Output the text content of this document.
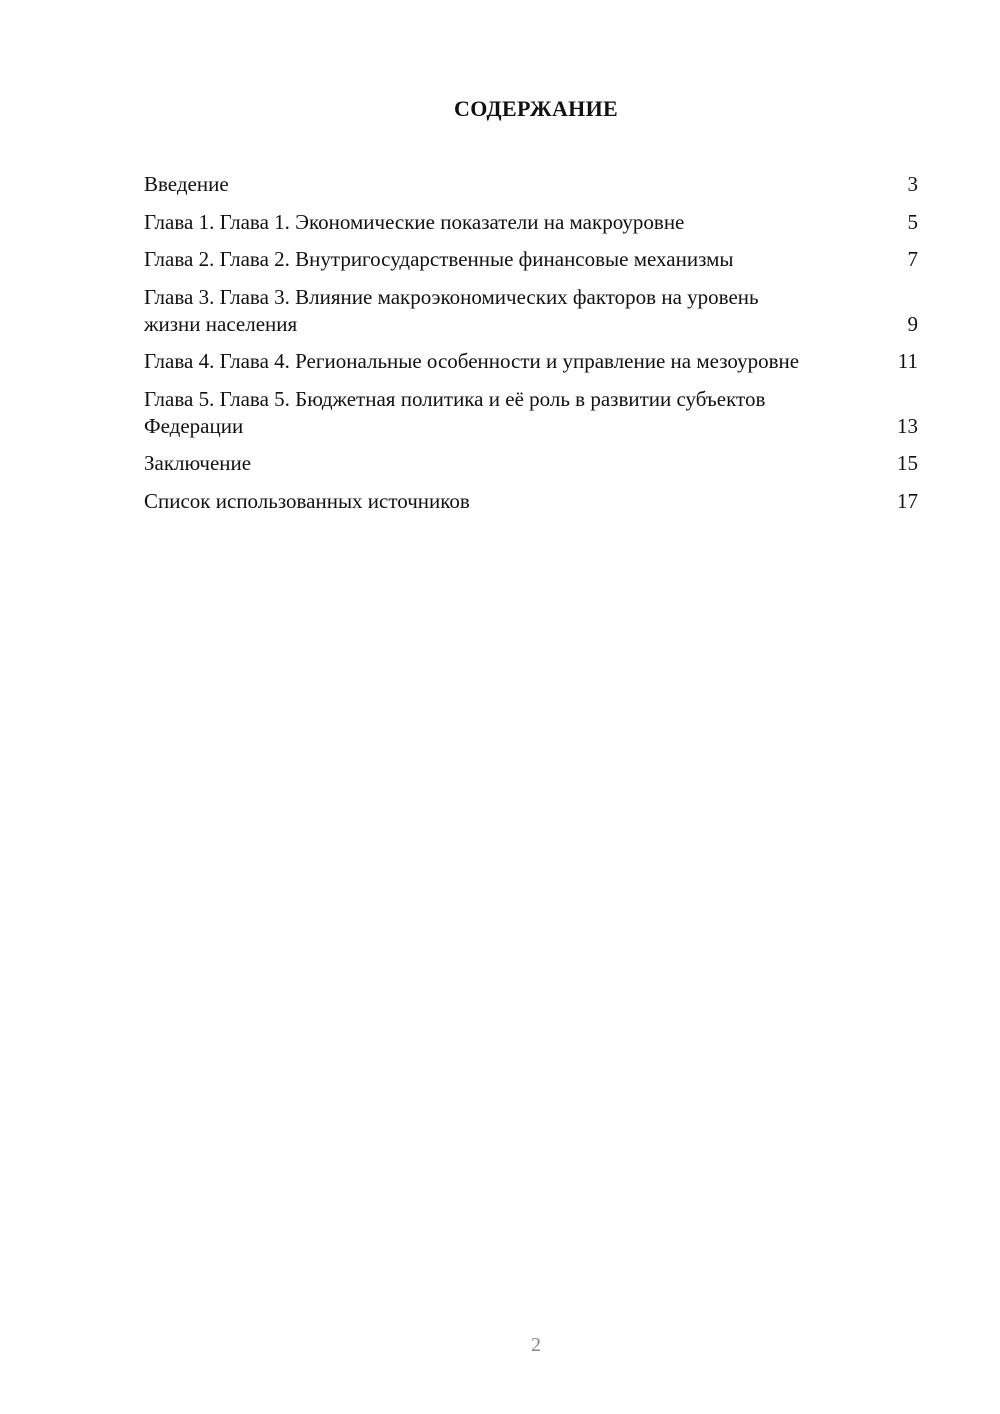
СОДЕРЖАНИЕ
Введение	3
Глава 1. Глава 1. Экономические показатели на макроуровне	5
Глава 2. Глава 2. Внутригосударственные финансовые механизмы	7
Глава 3. Глава 3. Влияние макроэкономических факторов на уровень жизни населения	9
Глава 4. Глава 4. Региональные особенности и управление на мезоуровне	11
Глава 5. Глава 5. Бюджетная политика и её роль в развитии субъектов Федерации	13
Заключение	15
Список использованных источников	17
2
